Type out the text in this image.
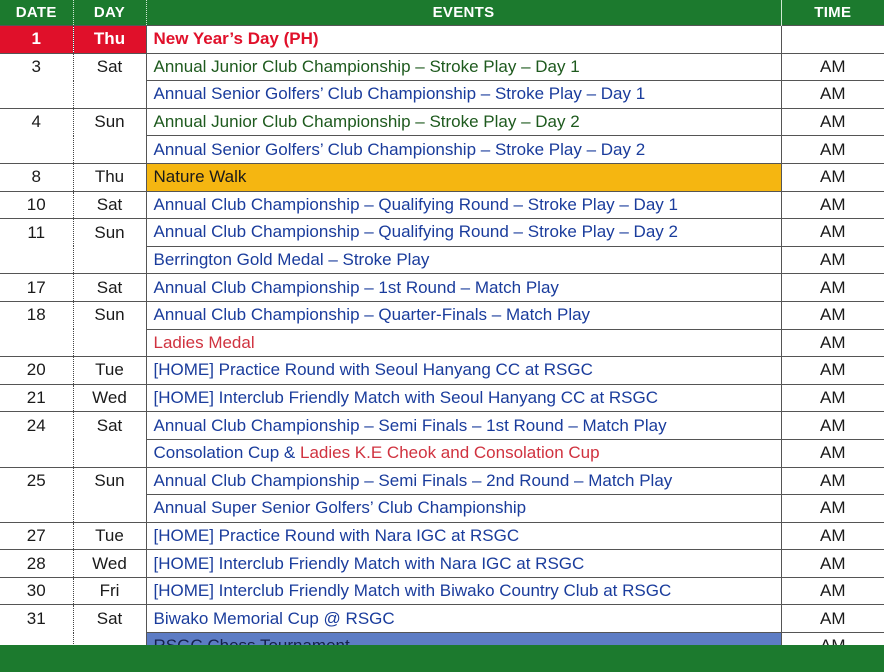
DATE	DAY	EVENTS	TIME
1	Thu	New Year’s Day (PH)	
3	Sat	Annual Junior Club Championship – Stroke Play – Day 1	AM
		Annual Senior Golfers’ Club Championship – Stroke Play – Day 1	AM
4	Sun	Annual Junior Club Championship – Stroke Play – Day 2	AM
		Annual Senior Golfers’ Club Championship – Stroke Play – Day 2	AM
8	Thu	Nature Walk	AM
10	Sat	Annual Club Championship – Qualifying Round – Stroke Play – Day 1	AM
11	Sun	Annual Club Championship – Qualifying Round – Stroke Play – Day 2	AM
		Berrington Gold Medal – Stroke Play	AM
17	Sat	Annual Club Championship – 1st Round – Match Play	AM
18	Sun	Annual Club Championship – Quarter-Finals – Match Play	AM
		Ladies Medal	AM
20	Tue	[HOME] Practice Round with Seoul Hanyang CC at RSGC	AM
21	Wed	[HOME] Interclub Friendly Match with Seoul Hanyang CC at RSGC	AM
24	Sat	Annual Club Championship – Semi Finals – 1st Round – Match Play	AM
		Consolation Cup & Ladies K.E Cheok and Consolation Cup	AM
25	Sun	Annual Club Championship – Semi Finals – 2nd Round – Match Play	AM
		Annual Super Senior Golfers’ Club Championship	AM
27	Tue	[HOME] Practice Round with Nara IGC at RSGC	AM
28	Wed	[HOME] Interclub Friendly Match with Nara IGC at RSGC	AM
30	Fri	[HOME] Interclub Friendly Match with Biwako Country Club at RSGC	AM
31	Sat	Biwako Memorial Cup @ RSGC	AM
